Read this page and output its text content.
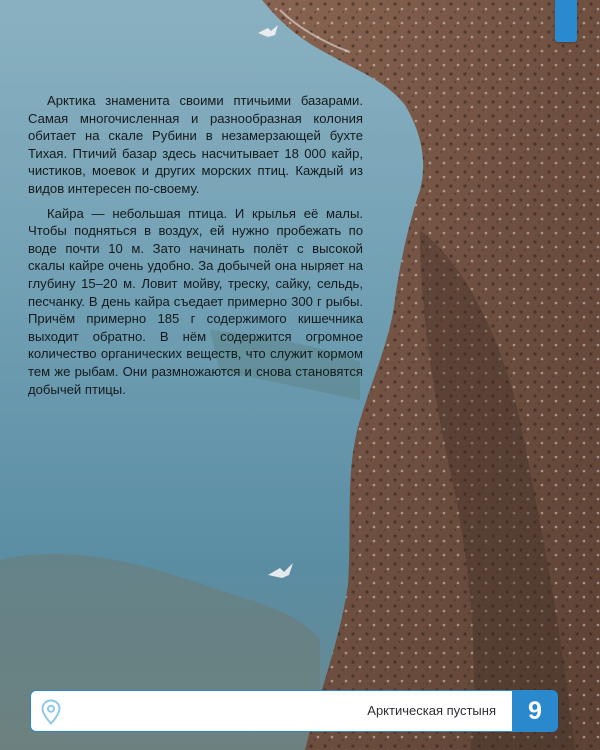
Арктика знаменита своими птичьими базарами. Самая многочисленная и разнообразная колония обитает на скале Рубини в незамерзающей бухте Тихая. Птичий базар здесь насчитывает 18 000 кайр, чистиков, моевок и других морских птиц. Каждый из видов интересен по-своему.

Кайра — небольшая птица. И крылья её малы. Чтобы подняться в воздух, ей нужно пробежать по воде почти 10 м. Зато начинать полёт с высокой скалы кайре очень удобно. За добычей она ныряет на глубину 15–20 м. Ловит мойву, треску, сайку, сельдь, песчанку. В день кайра съедает примерно 300 г рыбы. Причём примерно 185 г содержимого кишечника выходит обратно. В нём содержится огромное количество органических веществ, что служит кормом тем же рыбам. Они размножаются и снова становятся добычей птицы.

Арктическая пустыня	9
